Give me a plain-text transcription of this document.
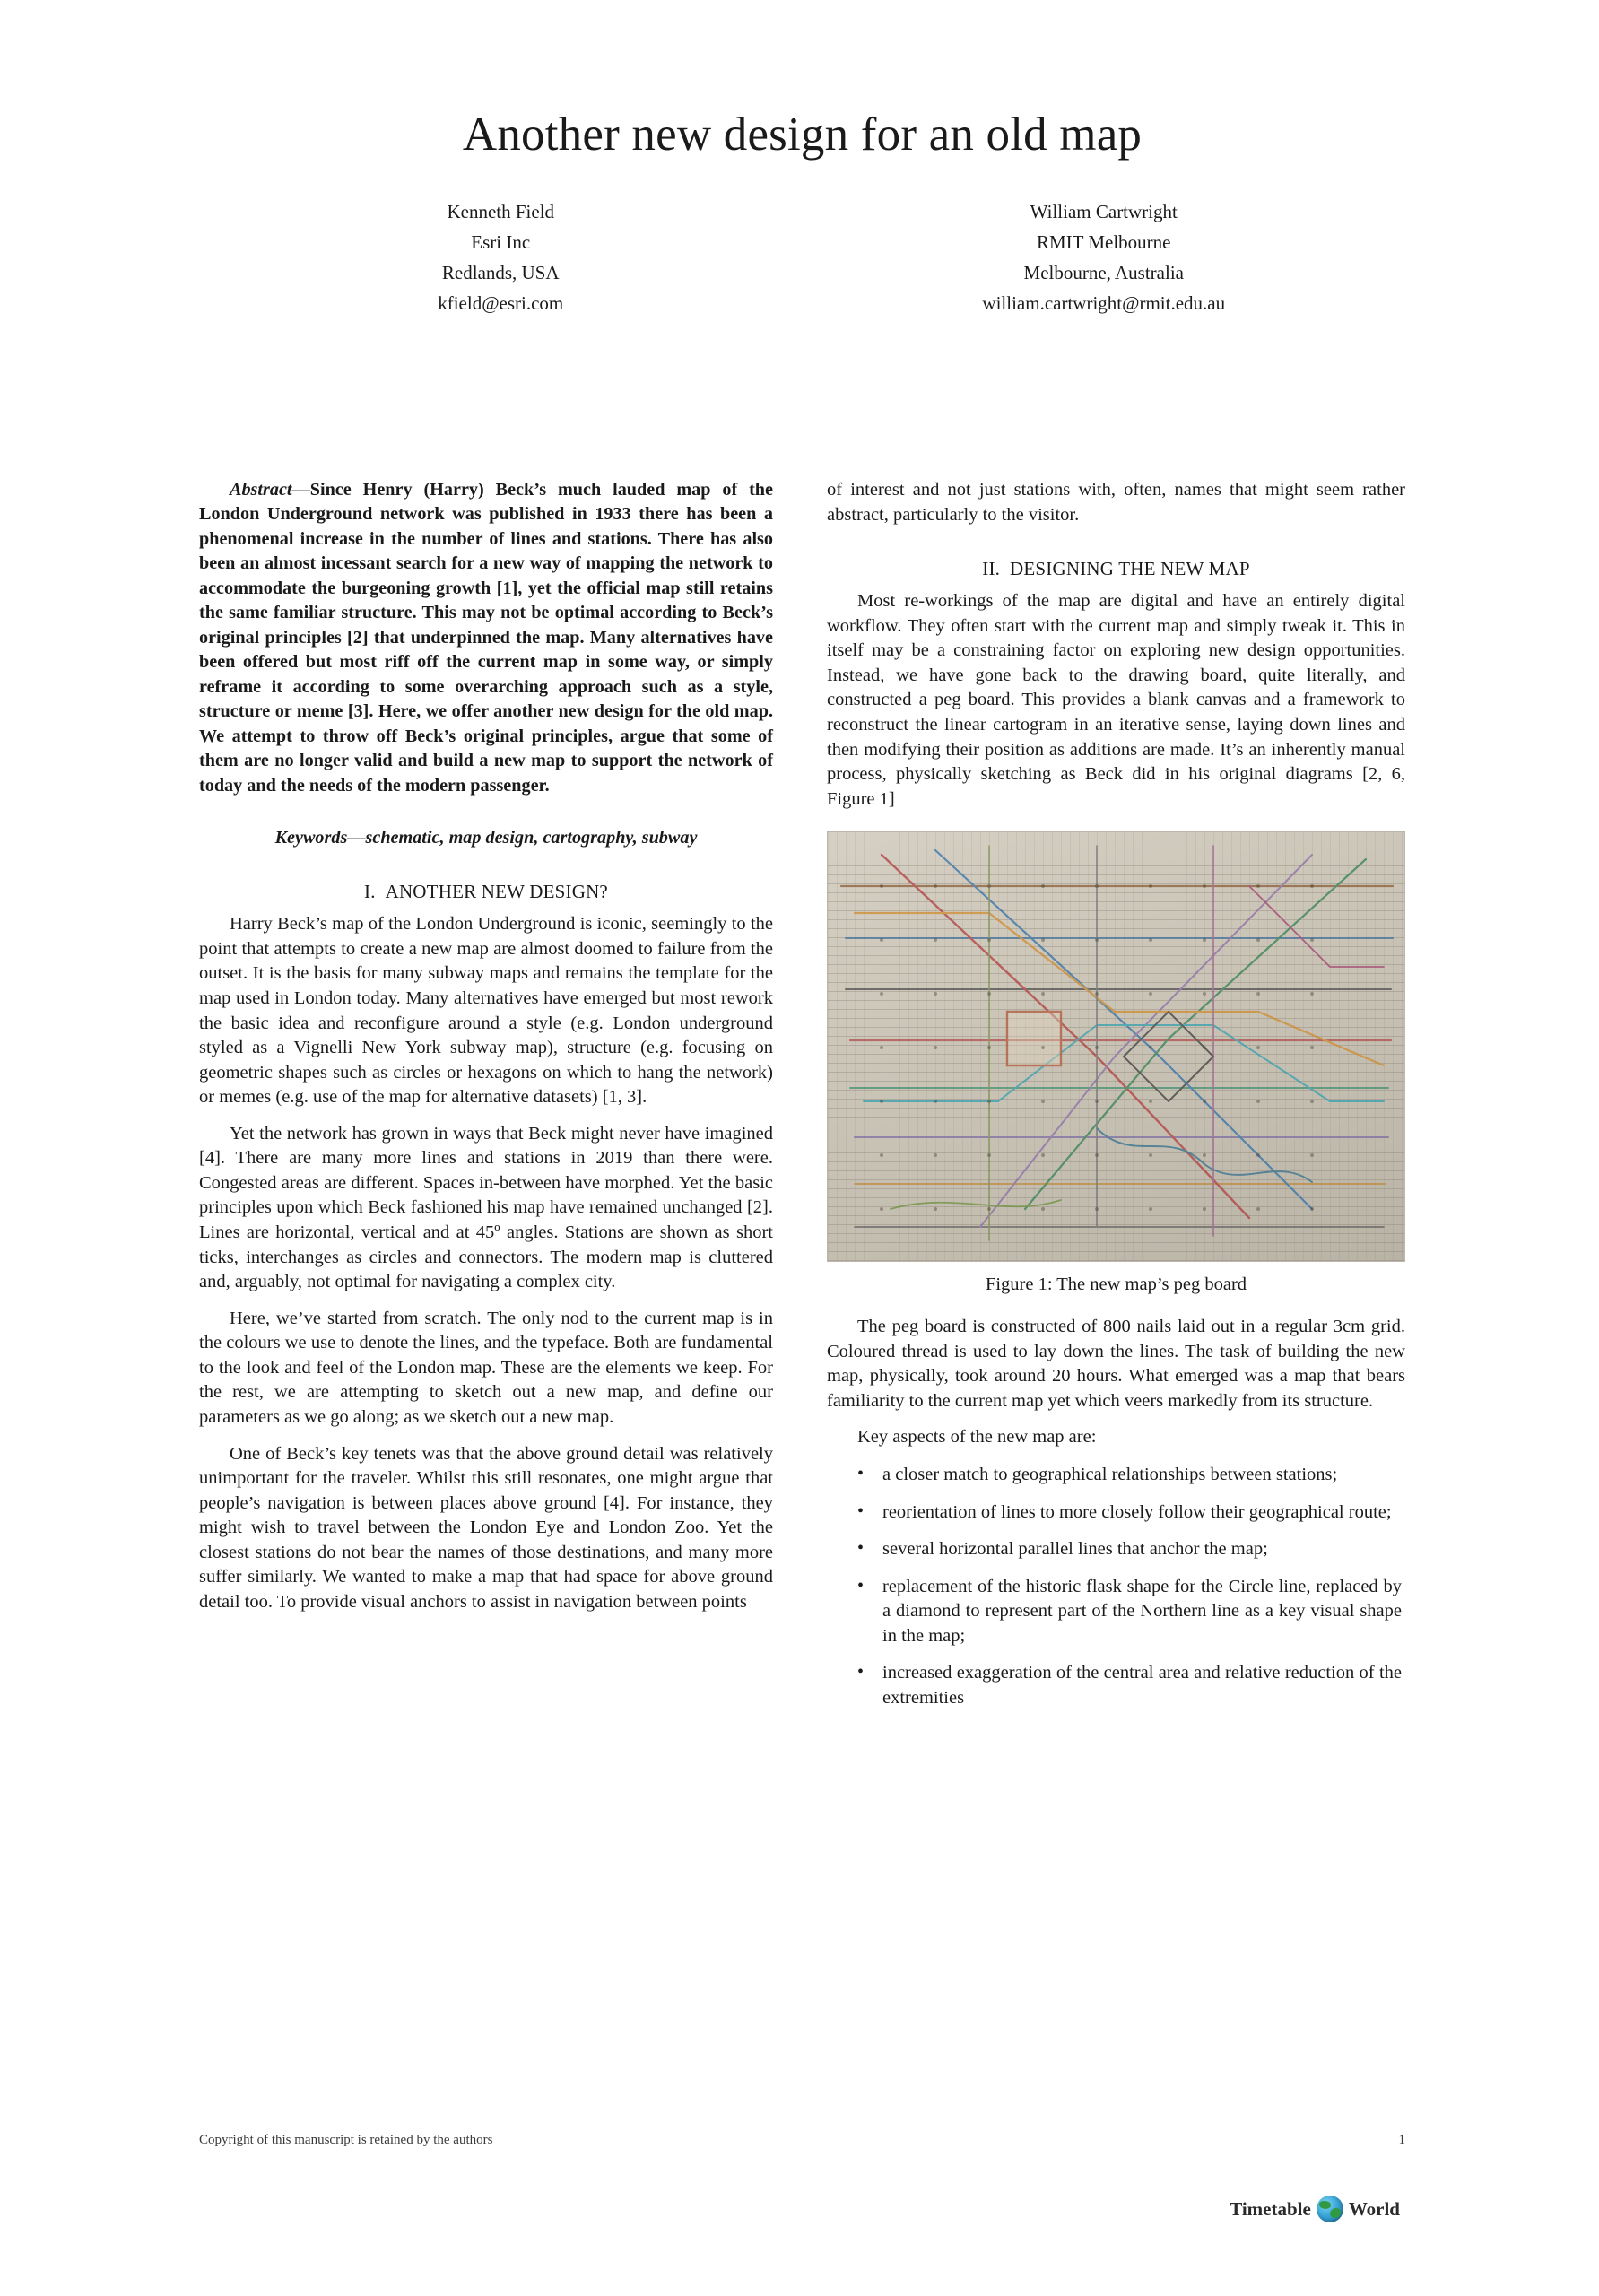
Another new design for an old map
Kenneth Field
Esri Inc
Redlands, USA
kfield@esri.com
William Cartwright
RMIT Melbourne
Melbourne, Australia
william.cartwright@rmit.edu.au

Abstract—Since Henry (Harry) Beck’s much lauded map of the London Underground network was published in 1933 there has been a phenomenal increase in the number of lines and stations. There has also been an almost incessant search for a new way of mapping the network to accommodate the burgeoning growth [1], yet the official map still retains the same familiar structure. This may not be optimal according to Beck’s original principles [2] that underpinned the map. Many alternatives have been offered but most riff off the current map in some way, or simply reframe it according to some overarching approach such as a style, structure or meme [3]. Here, we offer another new design for the old map. We attempt to throw off Beck’s original principles, argue that some of them are no longer valid and build a new map to support the network of today and the needs of the modern passenger.

Keywords—schematic, map design, cartography, subway

I. ANOTHER NEW DESIGN?

Harry Beck’s map of the London Underground is iconic, seemingly to the point that attempts to create a new map are almost doomed to failure from the outset. It is the basis for many subway maps and remains the template for the map used in London today. Many alternatives have emerged but most rework the basic idea and reconfigure around a style (e.g. London underground styled as a Vignelli New York subway map), structure (e.g. focusing on geometric shapes such as circles or hexagons on which to hang the network) or memes (e.g. use of the map for alternative datasets) [1, 3].

Yet the network has grown in ways that Beck might never have imagined [4]. There are many more lines and stations in 2019 than there were. Congested areas are different. Spaces in-between have morphed. Yet the basic principles upon which Beck fashioned his map have remained unchanged [2]. Lines are horizontal, vertical and at 45º angles. Stations are shown as short ticks, interchanges as circles and connectors. The modern map is cluttered and, arguably, not optimal for navigating a complex city.

Here, we’ve started from scratch. The only nod to the current map is in the colours we use to denote the lines, and the typeface. Both are fundamental to the look and feel of the London map. These are the elements we keep. For the rest, we are attempting to sketch out a new map, and define our parameters as we go along; as we sketch out a new map.

One of Beck’s key tenets was that the above ground detail was relatively unimportant for the traveler. Whilst this still resonates, one might argue that people’s navigation is between places above ground [4]. For instance, they might wish to travel between the London Eye and London Zoo. Yet the closest stations do not bear the names of those destinations, and many more suffer similarly. We wanted to make a map that had space for above ground detail too. To provide visual anchors to assist in navigation between points

of interest and not just stations with, often, names that might seem rather abstract, particularly to the visitor.

II. DESIGNING THE NEW MAP

Most re-workings of the map are digital and have an entirely digital workflow. They often start with the current map and simply tweak it. This in itself may be a constraining factor on exploring new design opportunities. Instead, we have gone back to the drawing board, quite literally, and constructed a peg board. This provides a blank canvas and a framework to reconstruct the linear cartogram in an iterative sense, laying down lines and then modifying their position as additions are made. It’s an inherently manual process, physically sketching as Beck did in his original diagrams [2, 6, Figure 1]

Figure 1: The new map’s peg board

The peg board is constructed of 800 nails laid out in a regular 3cm grid. Coloured thread is used to lay down the lines. The task of building the new map, physically, took around 20 hours. What emerged was a map that bears familiarity to the current map yet which veers markedly from its structure.

Key aspects of the new map are:

• a closer match to geographical relationships between stations;
• reorientation of lines to more closely follow their geographical route;
• several horizontal parallel lines that anchor the map;
• replacement of the historic flask shape for the Circle line, replaced by a diamond to represent part of the Northern line as a key visual shape in the map;
• increased exaggeration of the central area and relative reduction of the extremities
Copyright of this manuscript is retained by the authors	1
Timetable World
